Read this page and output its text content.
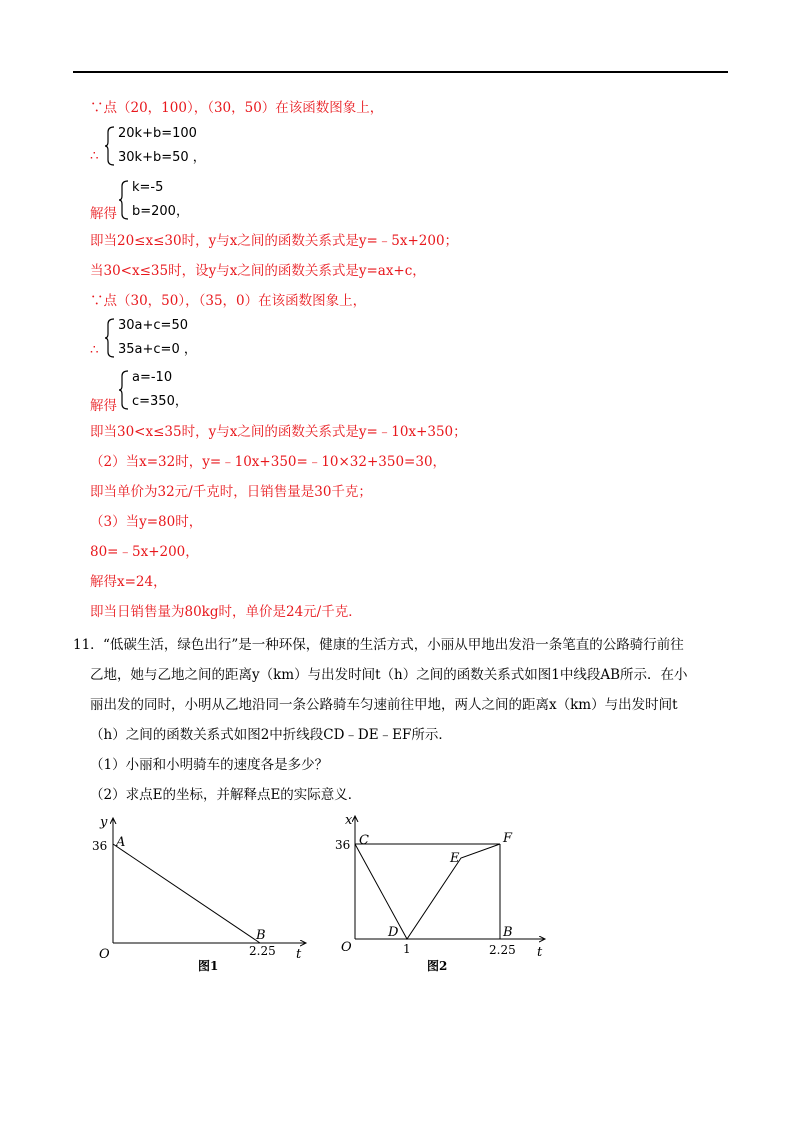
∵点（20，100），（30，50）在该函数图象上，
∴
20k+b=100
30k+b=50 ，
解得
k=-5
b=200，
即当20≤x≤30时，y与x之间的函数关系式是y=﹣5x+200；
当30<x≤35时，设y与x之间的函数关系式是y=ax+c，
∵点（30，50），（35，0）在该函数图象上，
∴
30a+c=50
35a+c=0 ，
解得
a=-10
c=350，
即当30<x≤35时，y与x之间的函数关系式是y=﹣10x+350；
（2）当x=32时，y=﹣10x+350=﹣10×32+350=30，
即当单价为32元/千克时，日销售量是30千克；
（3）当y=80时，
80=﹣5x+200，
解得x=24，
即当日销售量为80kg时，单价是24元/千克．
11． “低碳生活，绿色出行”是一种环保，健康的生活方式，小丽从甲地出发沿一条笔直的公路骑行前往
乙地，她与乙地之间的距离y（km）与出发时间t（h）之间的函数关系式如图1中线段AB所示．在小
丽出发的同时，小明从乙地沿同一条公路骑车匀速前往甲地，两人之间的距离x（km）与出发时间t
（h）之间的函数关系式如图2中折线段CD﹣DE﹣EF所示．
（1）小丽和小明骑车的速度各是多少？
（2）求点E的坐标，并解释点E的实际意义．
y
t
O
36
2.25
A
B
图1
x
t
O
36
1	2.25
C
D
E
F
B
图2
